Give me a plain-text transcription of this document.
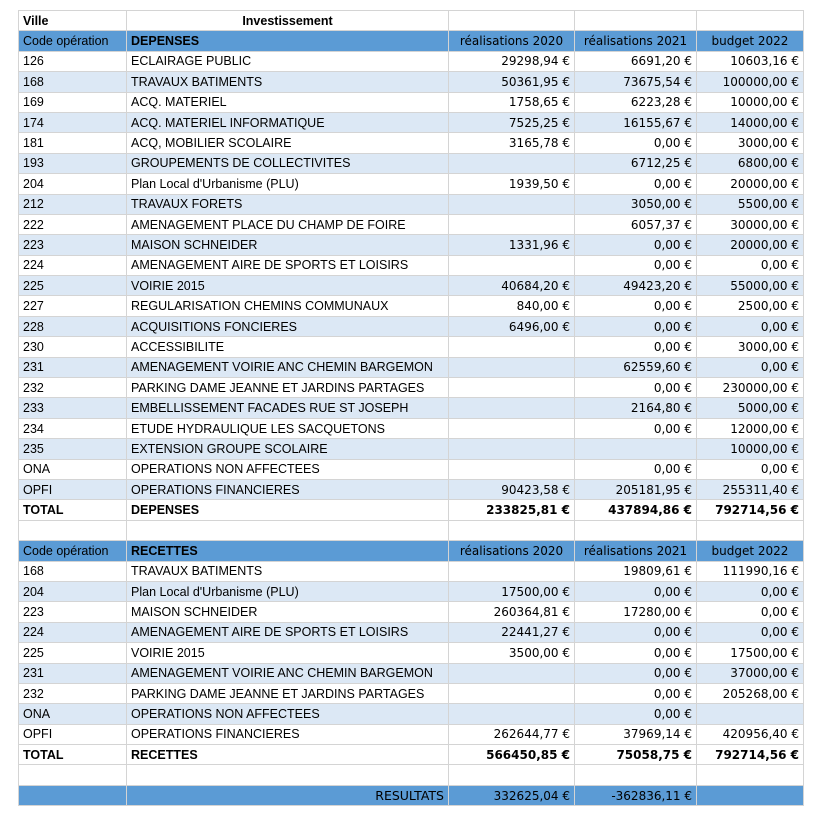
Ville	Investissement			
Code opération	DEPENSES	réalisations 2020	réalisations 2021	budget 2022
126	ECLAIRAGE PUBLIC	29298,94 €	6691,20 €	10603,16 €
168	TRAVAUX BATIMENTS	50361,95 €	73675,54 €	100000,00 €
169	ACQ. MATERIEL	1758,65 €	6223,28 €	10000,00 €
174	ACQ. MATERIEL INFORMATIQUE	7525,25 €	16155,67 €	14000,00 €
181	ACQ, MOBILIER SCOLAIRE	3165,78 €	0,00 €	3000,00 €
193	GROUPEMENTS DE COLLECTIVITES		6712,25 €	6800,00 €
204	Plan Local d'Urbanisme (PLU)	1939,50 €	0,00 €	20000,00 €
212	TRAVAUX FORETS		3050,00 €	5500,00 €
222	AMENAGEMENT PLACE DU CHAMP DE FOIRE		6057,37 €	30000,00 €
223	MAISON SCHNEIDER	1331,96 €	0,00 €	20000,00 €
224	AMENAGEMENT AIRE DE SPORTS ET LOISIRS		0,00 €	0,00 €
225	VOIRIE 2015	40684,20 €	49423,20 €	55000,00 €
227	REGULARISATION CHEMINS COMMUNAUX	840,00 €	0,00 €	2500,00 €
228	ACQUISITIONS FONCIERES	6496,00 €	0,00 €	0,00 €
230	ACCESSIBILITE		0,00 €	3000,00 €
231	AMENAGEMENT VOIRIE ANC CHEMIN BARGEMON		62559,60 €	0,00 €
232	PARKING DAME JEANNE ET JARDINS PARTAGES		0,00 €	230000,00 €
233	EMBELLISSEMENT FACADES RUE ST JOSEPH		2164,80 €	5000,00 €
234	ETUDE HYDRAULIQUE LES SACQUETONS		0,00 €	12000,00 €
235	EXTENSION GROUPE SCOLAIRE			10000,00 €
ONA	OPERATIONS NON AFFECTEES		0,00 €	0,00 €
OPFI	OPERATIONS FINANCIERES	90423,58 €	205181,95 €	255311,40 €
TOTAL	DEPENSES	233825,81 €	437894,86 €	792714,56 €

Code opération	RECETTES	réalisations 2020	réalisations 2021	budget 2022
168	TRAVAUX BATIMENTS		19809,61 €	111990,16 €
204	Plan Local d'Urbanisme (PLU)	17500,00 €	0,00 €	0,00 €
223	MAISON SCHNEIDER	260364,81 €	17280,00 €	0,00 €
224	AMENAGEMENT AIRE DE SPORTS ET LOISIRS	22441,27 €	0,00 €	0,00 €
225	VOIRIE 2015	3500,00 €	0,00 €	17500,00 €
231	AMENAGEMENT VOIRIE ANC CHEMIN BARGEMON		0,00 €	37000,00 €
232	PARKING DAME JEANNE ET JARDINS PARTAGES		0,00 €	205268,00 €
ONA	OPERATIONS NON AFFECTEES		0,00 €	
OPFI	OPERATIONS FINANCIERES	262644,77 €	37969,14 €	420956,40 €
TOTAL	RECETTES	566450,85 €	75058,75 €	792714,56 €

	RESULTATS	332625,04 €	-362836,11 €	
